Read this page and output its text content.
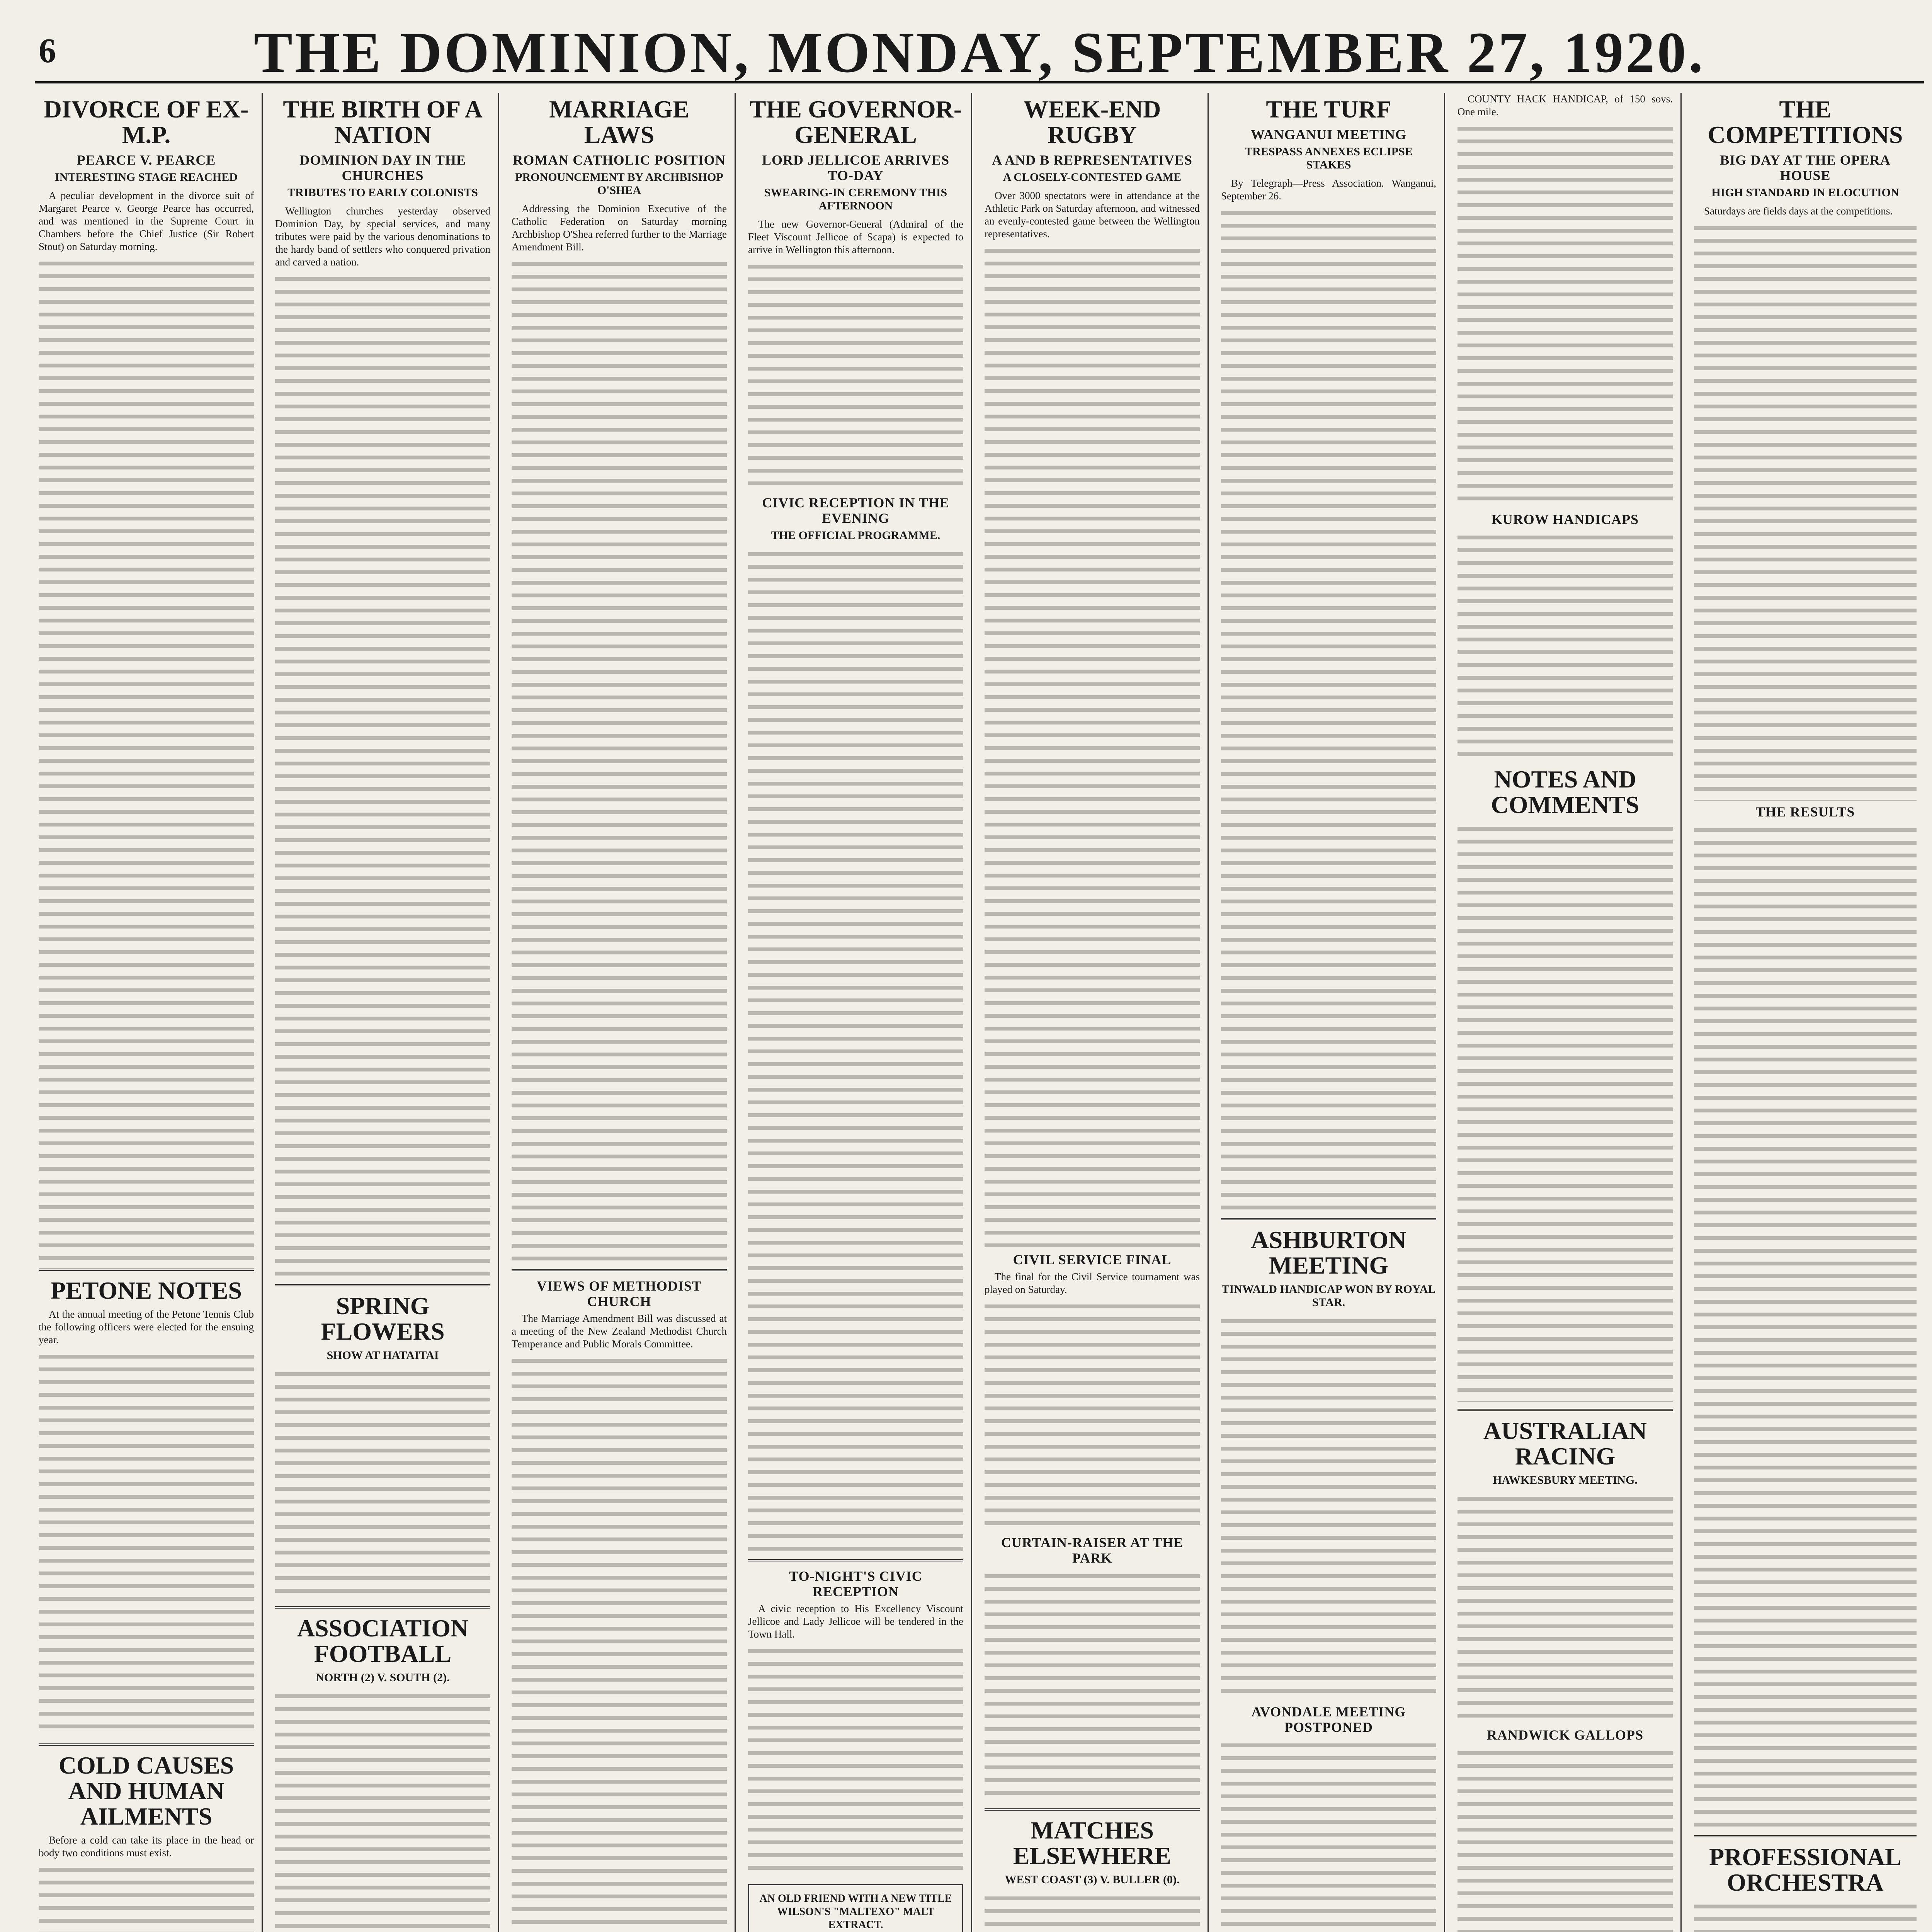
6	THE DOMINION, MONDAY, SEPTEMBER 27, 1920.
DIVORCE OF EX-M.P.
PEARCE V. PEARCE
INTERESTING STAGE REACHED

A peculiar development in the divorce suit of Margaret Pearce v. George Pearce has occurred, and was mentioned in the Supreme Court in Chambers before the Chief Justice (Sir Robert Stout) on Saturday morning.

PETONE NOTES

At the annual meeting of the Petone Tennis Club the following officers were elected for the ensuing year.

COLD CAUSES AND HUMAN AILMENTS

Before a cold can take its place in the head or body two conditions must exist.

THE BIRTH OF A NATION
DOMINION DAY IN THE CHURCHES
TRIBUTES TO EARLY COLONISTS

Wellington churches yesterday observed Dominion Day, by special services, and many tributes were paid by the various denominations to the hardy band of settlers who conquered privation and carved a nation.

SPRING FLOWERS
SHOW AT HATAITAI
ASSOCIATION FOOTBALL
NORTH (2) V. SOUTH (2).
MARRIAGE LAWS
ROMAN CATHOLIC POSITION
PRONOUNCEMENT BY ARCHBISHOP O'SHEA

Addressing the Dominion Executive of the Catholic Federation on Saturday morning Archbishop O'Shea referred further to the Marriage Amendment Bill.

VIEWS OF METHODIST CHURCH

The Marriage Amendment Bill was discussed at a meeting of the New Zealand Methodist Church Temperance and Public Morals Committee.

THE GOVERNOR-GENERAL
LORD JELLICOE ARRIVES TO-DAY
SWEARING-IN CEREMONY THIS AFTERNOON

The new Governor-General (Admiral of the Fleet Viscount Jellicoe of Scapa) is expected to arrive in Wellington this afternoon.

CIVIC RECEPTION IN THE EVENING
THE OFFICIAL PROGRAMME.
TO-NIGHT'S CIVIC RECEPTION

A civic reception to His Excellency Viscount Jellicoe and Lady Jellicoe will be tendered in the Town Hall.

AN OLD FRIEND WITH A NEW TITLE
WILSON'S "MALTEXO" MALT EXTRACT.
WEEK-END RUGBY
A AND B REPRESENTATIVES
A CLOSELY-CONTESTED GAME

Over 3000 spectators were in attendance at the Athletic Park on Saturday afternoon, and witnessed an evenly-contested game between the Wellington representatives.

CIVIL SERVICE FINAL

The final for the Civil Service tournament was played on Saturday.

CURTAIN-RAISER AT THE PARK
MATCHES ELSEWHERE
WEST COAST (3) V. BULLER (0).
THE TURF
WANGANUI MEETING
TRESPASS ANNEXES ECLIPSE STAKES

By Telegraph—Press Association. Wanganui, September 26.

ASHBURTON MEETING
TINWALD HANDICAP WON BY ROYAL STAR.
AVONDALE MEETING POSTPONED

COUNTY HACK HANDICAP, of 150 sovs. One mile.

KUROW HANDICAPS
NOTES AND COMMENTS
AUSTRALIAN RACING
HAWKESBURY MEETING.
RANDWICK GALLOPS
THE COMPETITIONS
BIG DAY AT THE OPERA HOUSE
HIGH STANDARD IN ELOCUTION

Saturdays are fields days at the competitions.

THE RESULTS
PROFESSIONAL ORCHESTRA
